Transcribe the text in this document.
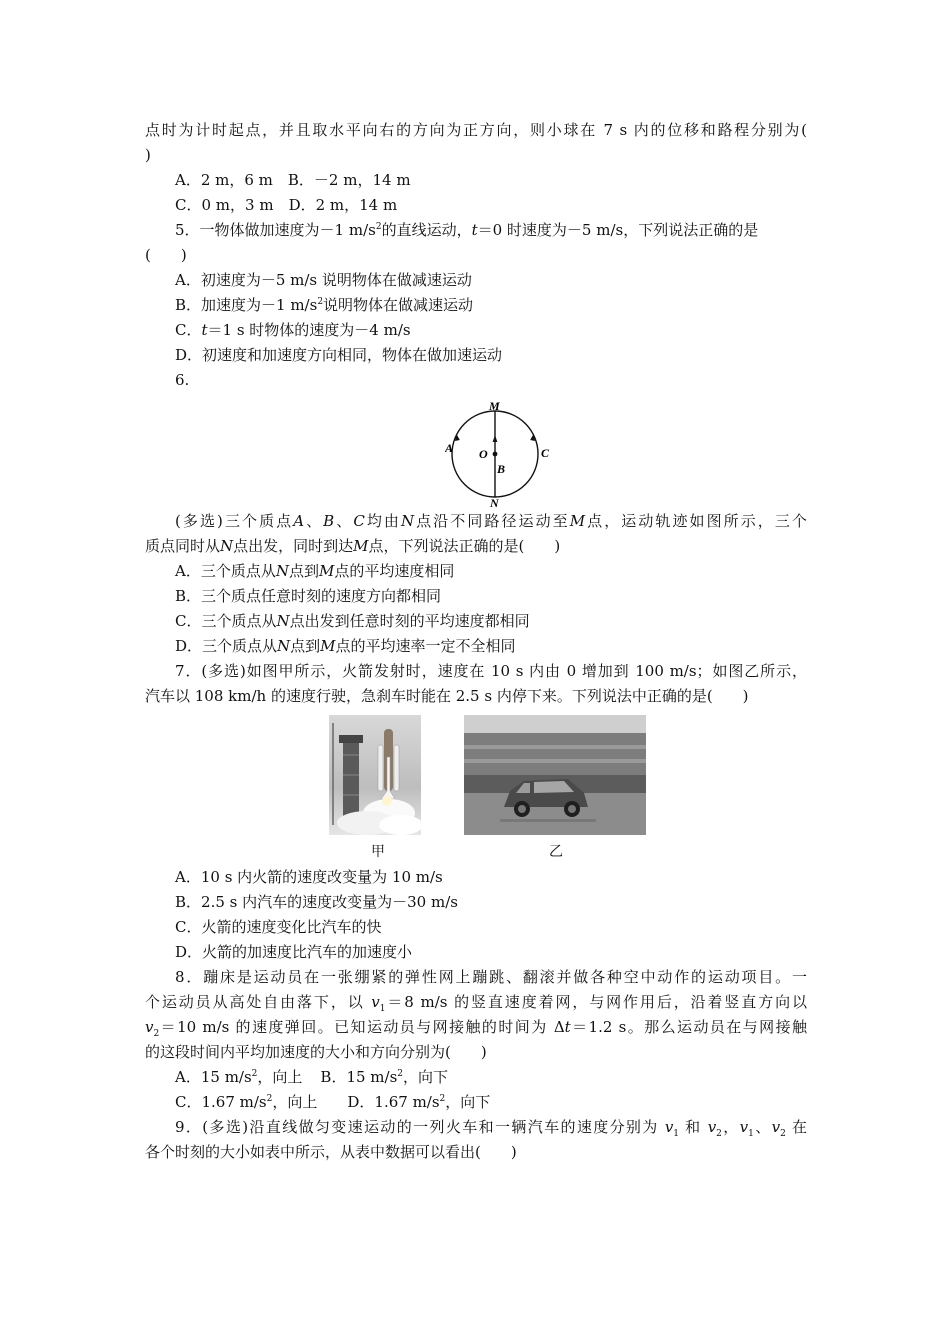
点时为计时起点，并且取水平向右的方向为正方向，则小球在 7 s 内的位移和路程分别为(
)
A．2 m，6 m  B．－2 m，14 m
C．0 m，3 m  D．2 m，14 m
5．一物体做加速度为－1 $m/s^2$的直线运动，t＝0 时速度为－5 m/s，下列说法正确的是
(　　)
A．初速度为－5 m/s 说明物体在做减速运动
B．加速度为－1 $m/s^2$说明物体在做减速运动
C．t＝1 s 时物体的速度为－4 m/s
D．初速度和加速度方向相同，物体在做加速运动
6.
M
N
O
A
B
C
(多选)三个质点A、B、C均由N点沿不同路径运动至M点，运动轨迹如图所示，三个
质点同时从N点出发，同时到达M点，下列说法正确的是(　　)
A．三个质点从N点到M点的平均速度相同
B．三个质点任意时刻的速度方向都相同
C．三个质点从N点出发到任意时刻的平均速度都相同
D．三个质点从N点到M点的平均速率一定不全相同
7．(多选)如图甲所示，火箭发射时，速度在 10 s 内由 0 增加到 100 m/s；如图乙所示，
汽车以 108 km/h 的速度行驶，急刹车时能在 2.5 s 内停下来。下列说法中正确的是(　　)
甲	乙
A．10 s 内火箭的速度改变量为 10 m/s
B．2.5 s 内汽车的速度改变量为－30 m/s
C．火箭的速度变化比汽车的快
D．火箭的加速度比汽车的加速度小
8．蹦床是运动员在一张绷紧的弹性网上蹦跳、翻滚并做各种空中动作的运动项目。一
个运动员从高处自由落下，以 $v_1=8$ m/s 的竖直速度着网，与网作用后，沿着竖直方向以
$v_2=10$ m/s 的速度弹回。已知运动员与网接触的时间为 Δt＝1.2 s。那么运动员在与网接触
的这段时间内平均加速度的大小和方向分别为(　　)
A．15 $m/s^2$，向上 B．15 $m/s^2$，向下
C．1.67 $m/s^2$，向上 D．1.67 $m/s^2$，向下
9．(多选)沿直线做匀变速运动的一列火车和一辆汽车的速度分别为 $v_1$ 和 $v_2$，$v_1$、$v_2$ 在
各个时刻的大小如表中所示，从表中数据可以看出(　　)
